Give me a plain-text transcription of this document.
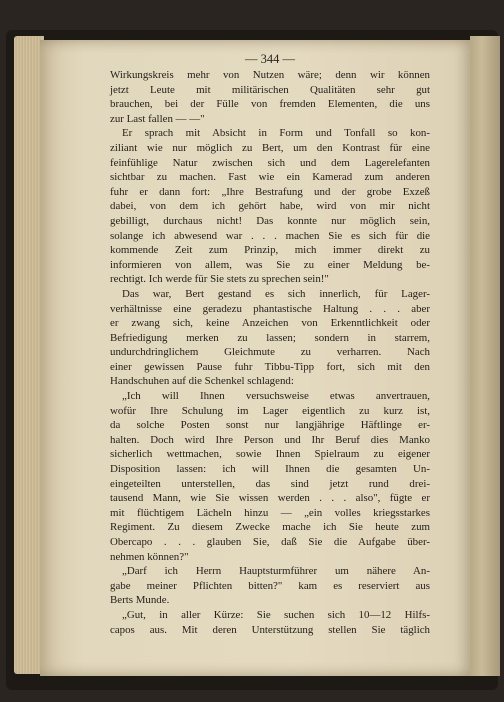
— 344 —
Wirkungskreis mehr von Nutzen wäre; denn wir können
jetzt Leute mit militärischen Qualitäten sehr gut
brauchen, bei der Fülle von fremden Elementen, die uns
zur Last fallen — —"
Er sprach mit Absicht in Form und Tonfall so kon-
ziliant wie nur möglich zu Bert, um den Kontrast für eine
feinfühlige Natur zwischen sich und dem Lagerelefanten
sichtbar zu machen. Fast wie ein Kamerad zum anderen
fuhr er dann fort: „Ihre Bestrafung und der grobe Exzeß
dabei, von dem ich gehört habe, wird von mir nicht
gebilligt, durchaus nicht! Das konnte nur möglich sein,
solange ich abwesend war . . . machen Sie es sich für die
kommende Zeit zum Prinzip, mich immer direkt zu
informieren von allem, was Sie zu einer Meldung be-
rechtigt. Ich werde für Sie stets zu sprechen sein!"
Das war, Bert gestand es sich innerlich, für Lager-
verhältnisse eine geradezu phantastische Haltung . . . aber
er zwang sich, keine Anzeichen von Erkenntlichkeit oder
Befriedigung merken zu lassen; sondern in starrem,
undurchdringlichem Gleichmute zu verharren. Nach
einer gewissen Pause fuhr Tibbu-Tipp fort, sich mit den
Handschuhen auf die Schenkel schlagend:
„Ich will Ihnen versuchsweise etwas anvertrauen,
wofür Ihre Schulung im Lager eigentlich zu kurz ist,
da solche Posten sonst nur langjährige Häftlinge er-
halten. Doch wird Ihre Person und Ihr Beruf dies Manko
sicherlich wettmachen, sowie Ihnen Spielraum zu eigener
Disposition lassen: ich will Ihnen die gesamten Un-
eingeteilten unterstellen, das sind jetzt rund drei-
tausend Mann, wie Sie wissen werden . . . also", fügte er
mit flüchtigem Lächeln hinzu — „ein volles kriegsstarkes
Regiment. Zu diesem Zwecke mache ich Sie heute zum
Obercapo . . . glauben Sie, daß Sie die Aufgabe über-
nehmen können?"
„Darf ich Herrn Hauptsturmführer um nähere An-
gabe meiner Pflichten bitten?" kam es reserviert aus
Berts Munde.
„Gut, in aller Kürze: Sie suchen sich 10—12 Hilfs-
capos aus. Mit deren Unterstützung stellen Sie täglich
